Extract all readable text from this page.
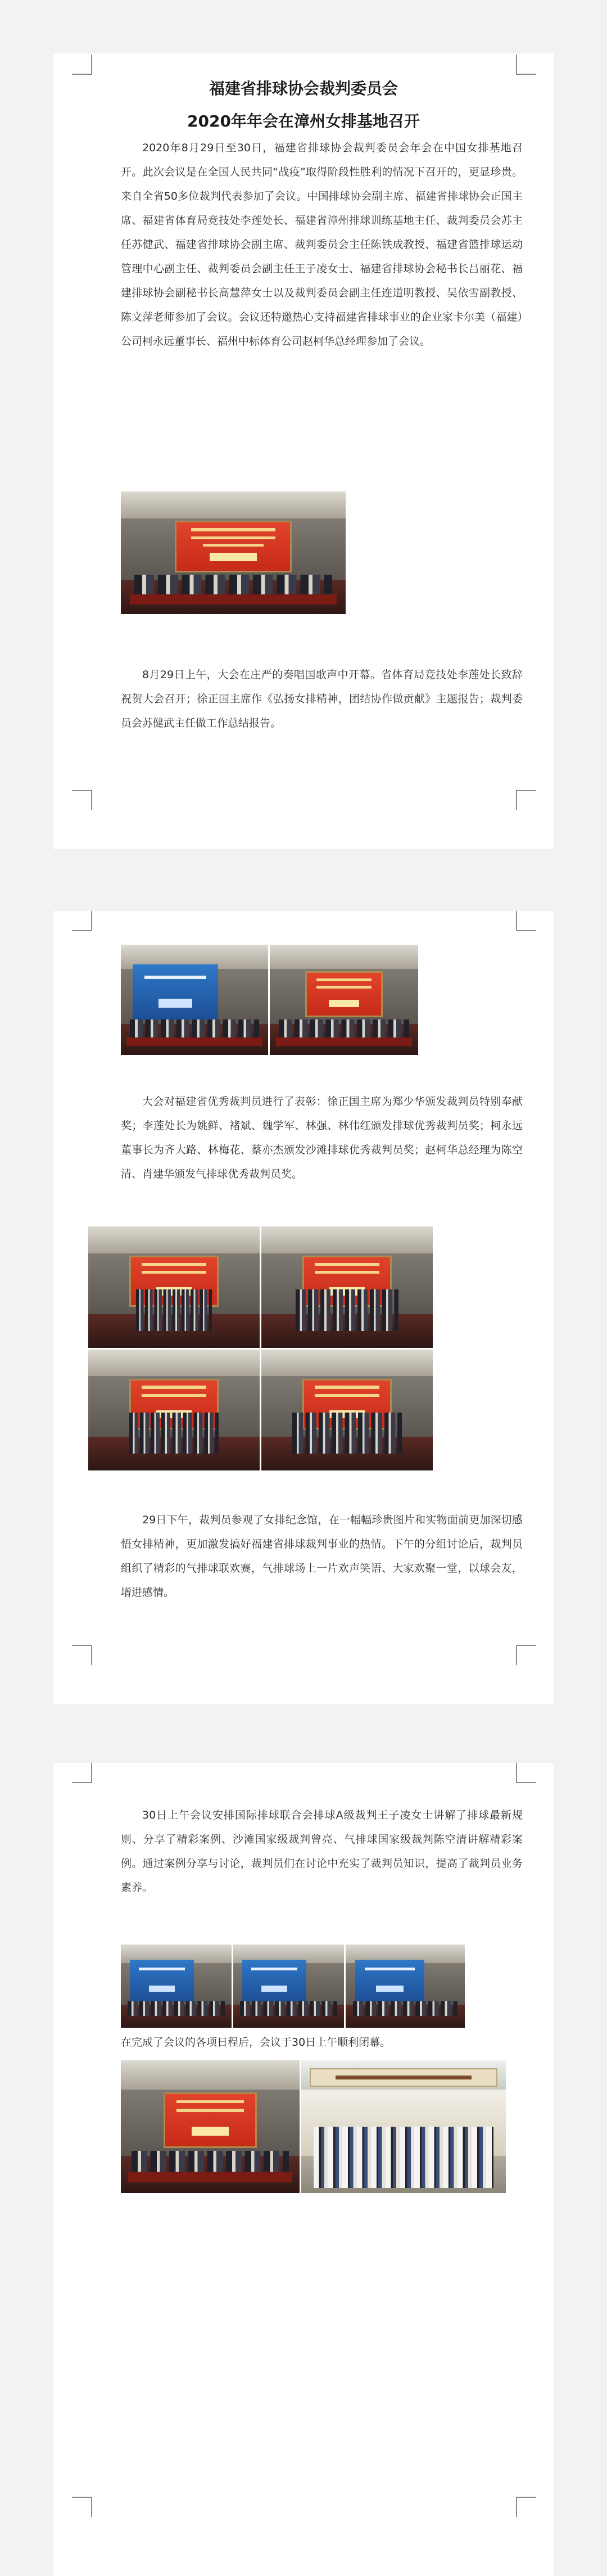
福建省排球协会裁判委员会
2020年年会在漳州女排基地召开

2020年8月29日至30日，福建省排球协会裁判委员会年会在中国女排基地召开。此次会议是在全国人民共同“战疫”取得阶段性胜利的情况下召开的，更显珍贵。来自全省50多位裁判代表参加了会议。中国排球协会副主席、福建省排球协会正国主席、福建省体育局竞技处李莲处长、福建省漳州排球训练基地主任、裁判委员会苏主任苏健武、福建省排球协会副主席、裁判委员会主任陈铁成教授、福建省篮排球运动管理中心副主任、裁判委员会副主任王子凌女士、福建省排球协会秘书长吕丽花、福建排球协会副秘书长高慧萍女士以及裁判委员会副主任连道明教授、吴依雪副教授、陈文萍老师参加了会议。会议还特邀热心支持福建省排球事业的企业家卡尔美（福建）公司柯永远董事长、福州中标体育公司赵柯华总经理参加了会议。

8月29日上午，大会在庄严的奏唱国歌声中开幕。省体育局竞技处李莲处长致辞祝贺大会召开；徐正国主席作《弘扬女排精神，团结协作做贡献》主题报告；裁判委员会苏健武主任做工作总结报告。

大会对福建省优秀裁判员进行了表彰：徐正国主席为郑少华颁发裁判员特别奉献奖；李莲处长为姚鲜、褚斌、魏学军、林强、林伟红颁发排球优秀裁判员奖；柯永远董事长为齐大路、林梅花、蔡亦杰颁发沙滩排球优秀裁判员奖；赵柯华总经理为陈空清、肖建华颁发气排球优秀裁判员奖。

29日下午，裁判员参观了女排纪念馆，在一幅幅珍贵图片和实物面前更加深切感悟女排精神，更加激发搞好福建省排球裁判事业的热情。下午的分组讨论后，裁判员组织了精彩的气排球联欢赛，气排球场上一片欢声笑语、大家欢聚一堂，以球会友，增进感情。

30日上午会议安排国际排球联合会排球A级裁判王子凌女士讲解了排球最新规则、分享了精彩案例、沙滩国家级裁判曾亮、气排球国家级裁判陈空清讲解精彩案例。通过案例分享与讨论，裁判员们在讨论中充实了裁判员知识，提高了裁判员业务素养。

在完成了会议的各项日程后，会议于30日上午顺利闭幕。
